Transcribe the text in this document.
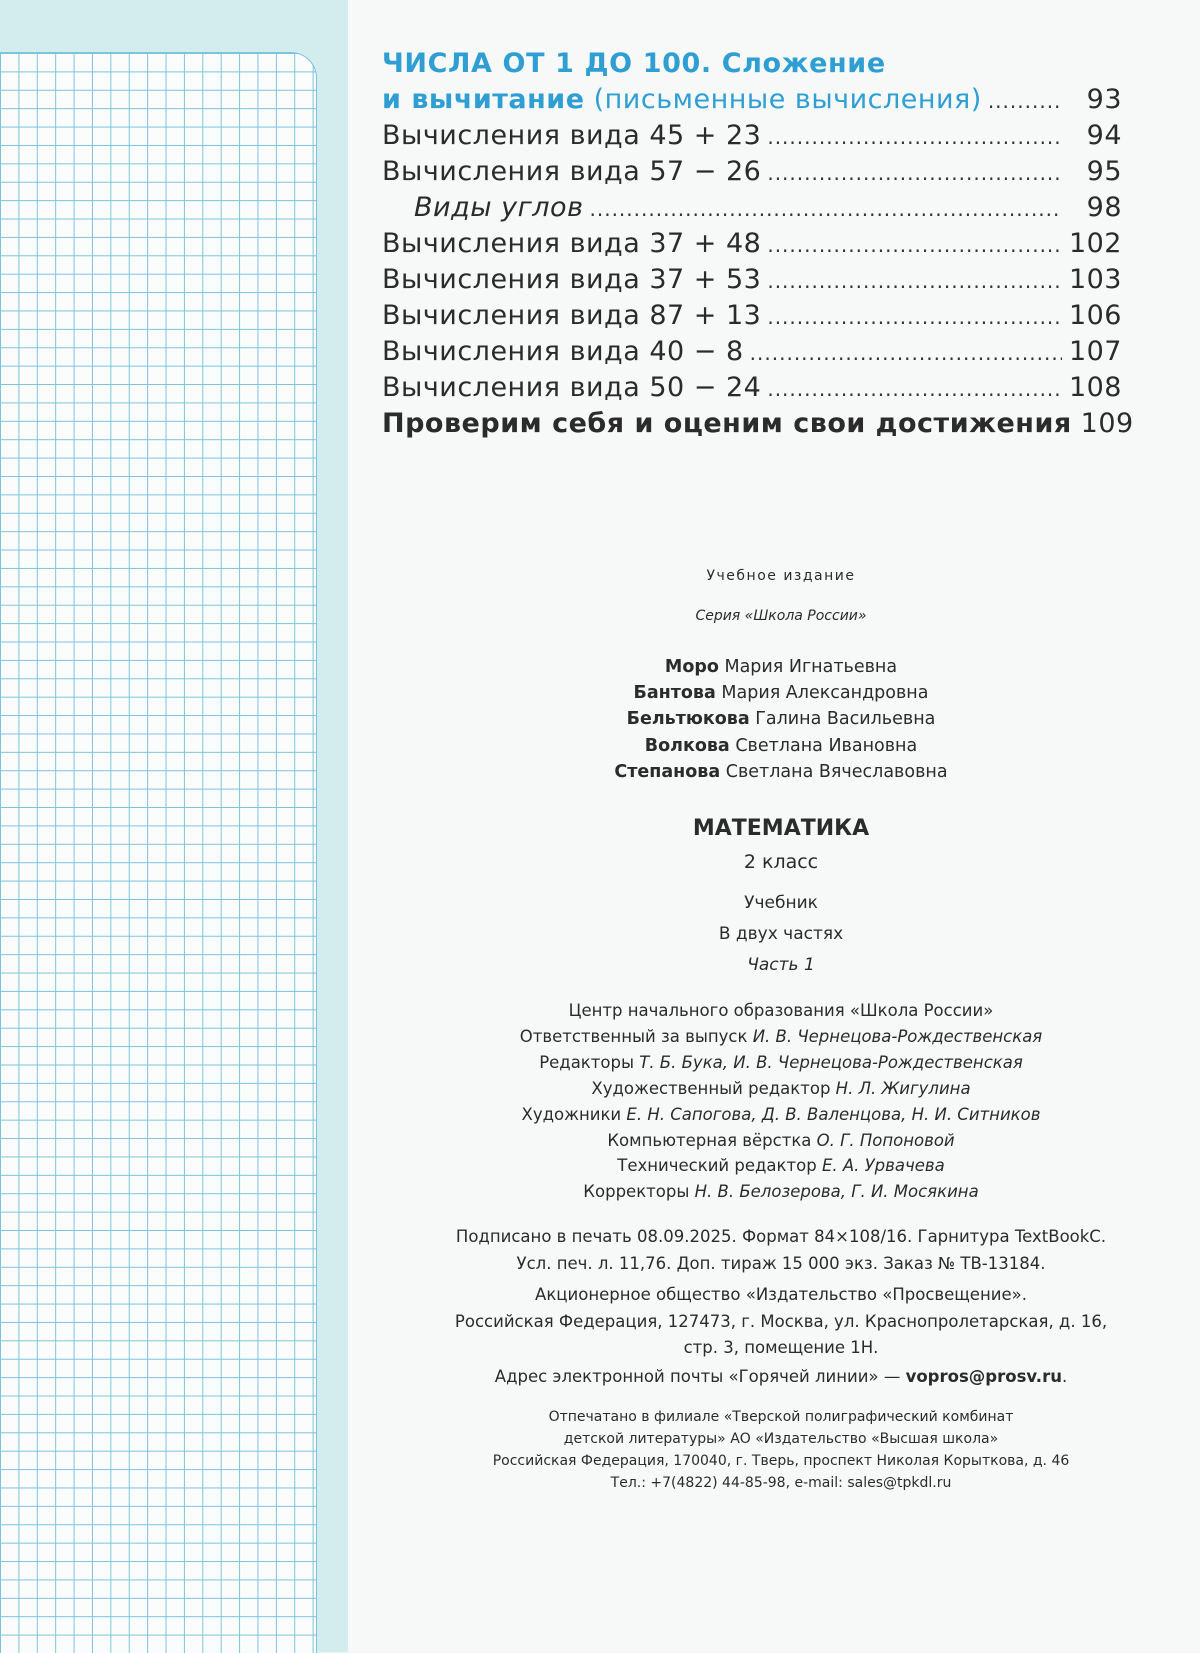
ЧИСЛА ОТ 1 ДО 100. Сложение
и вычитание (письменные вычисления) .....	93
Вычисления вида 45 + 23 .....	94
Вычисления вида 57 − 26 .....	95
Виды углов .....	98
Вычисления вида 37 + 48 .....	102
Вычисления вида 37 + 53 .....	103
Вычисления вида 87 + 13 .....	106
Вычисления вида 40 − 8 .....	107
Вычисления вида 50 − 24 .....	108
Проверим себя и оценим свои достижения 109
Учебное издание
Серия «Школа России»
Моро Мария Игнатьевна
Бантова Мария Александровна
Бельтюкова Галина Васильевна
Волкова Светлана Ивановна
Степанова Светлана Вячеславовна
МАТЕМАТИКА
2 класс
Учебник
В двух частях
Часть 1
Центр начального образования «Школа России»
Ответственный за выпуск И. В. Чернецова-Рождественская
Редакторы Т. Б. Бука, И. В. Чернецова-Рождественская
Художественный редактор Н. Л. Жигулина
Художники Е. Н. Сапогова, Д. В. Валенцова, Н. И. Ситников
Компьютерная вёрстка О. Г. Попоновой
Технический редактор Е. А. Урвачева
Корректоры Н. В. Белозерова, Г. И. Мосякина
Подписано в печать 08.09.2025. Формат 84×108/16. Гарнитура TextBookC.
Усл. печ. л. 11,76. Доп. тираж 15 000 экз. Заказ № ТВ-13184.
Акционерное общество «Издательство «Просвещение».
Российская Федерация, 127473, г. Москва, ул. Краснопролетарская, д. 16,
стр. 3, помещение 1Н.
Адрес электронной почты «Горячей линии» — vopros@prosv.ru.
Отпечатано в филиале «Тверской полиграфический комбинат
детской литературы» АО «Издательство «Высшая школа»
Российская Федерация, 170040, г. Тверь, проспект Николая Корыткова, д. 46
Тел.: +7(4822) 44-85-98, e-mail: sales@tpkdl.ru
